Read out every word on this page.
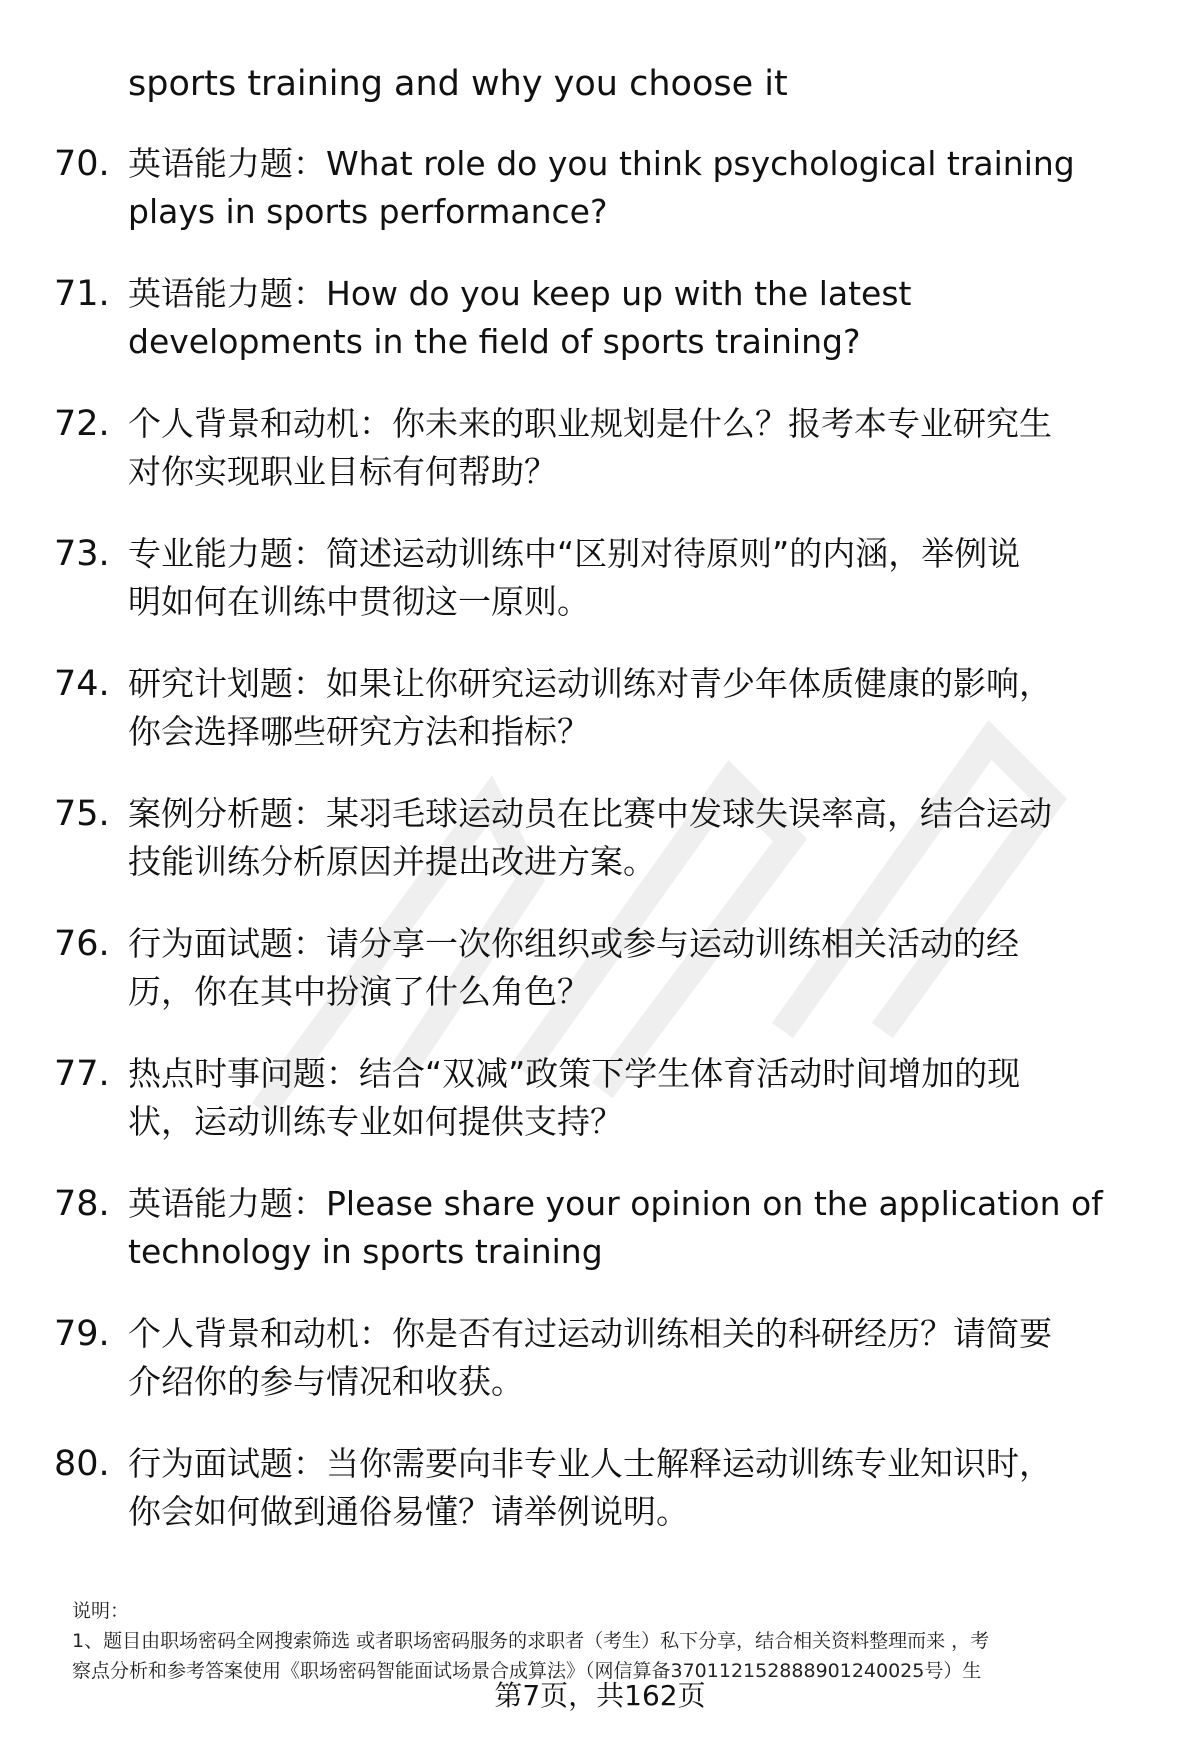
sports training and why you choose it
70. 英语能力题：What role do you think psychological training
plays in sports performance?
71. 英语能力题：How do you keep up with the latest
developments in the field of sports training?
72. 个人背景和动机：你未来的职业规划是什么？报考本专业研究生
对你实现职业目标有何帮助？
73. 专业能力题：简述运动训练中“区别对待原则”的内涵，举例说
明如何在训练中贯彻这一原则。
74. 研究计划题：如果让你研究运动训练对青少年体质健康的影响，
你会选择哪些研究方法和指标？
75. 案例分析题：某羽毛球运动员在比赛中发球失误率高，结合运动
技能训练分析原因并提出改进方案。
76. 行为面试题：请分享一次你组织或参与运动训练相关活动的经
历，你在其中扮演了什么角色？
77. 热点时事问题：结合“双减”政策下学生体育活动时间增加的现
状，运动训练专业如何提供支持？
78. 英语能力题：Please share your opinion on the application of
technology in sports training
79. 个人背景和动机：你是否有过运动训练相关的科研经历？请简要
介绍你的参与情况和收获。
80. 行为面试题：当你需要向非专业人士解释运动训练专业知识时，
你会如何做到通俗易懂？请举例说明。
说明：
1、题目由职场密码全网搜索筛选 或者职场密码服务的求职者（考生）私下分享，结合相关资料整理而来 ，考
察点分析和参考答案使用《职场密码智能面试场景合成算法》（网信算备370112152888901240025号）生
第7页，共162页
